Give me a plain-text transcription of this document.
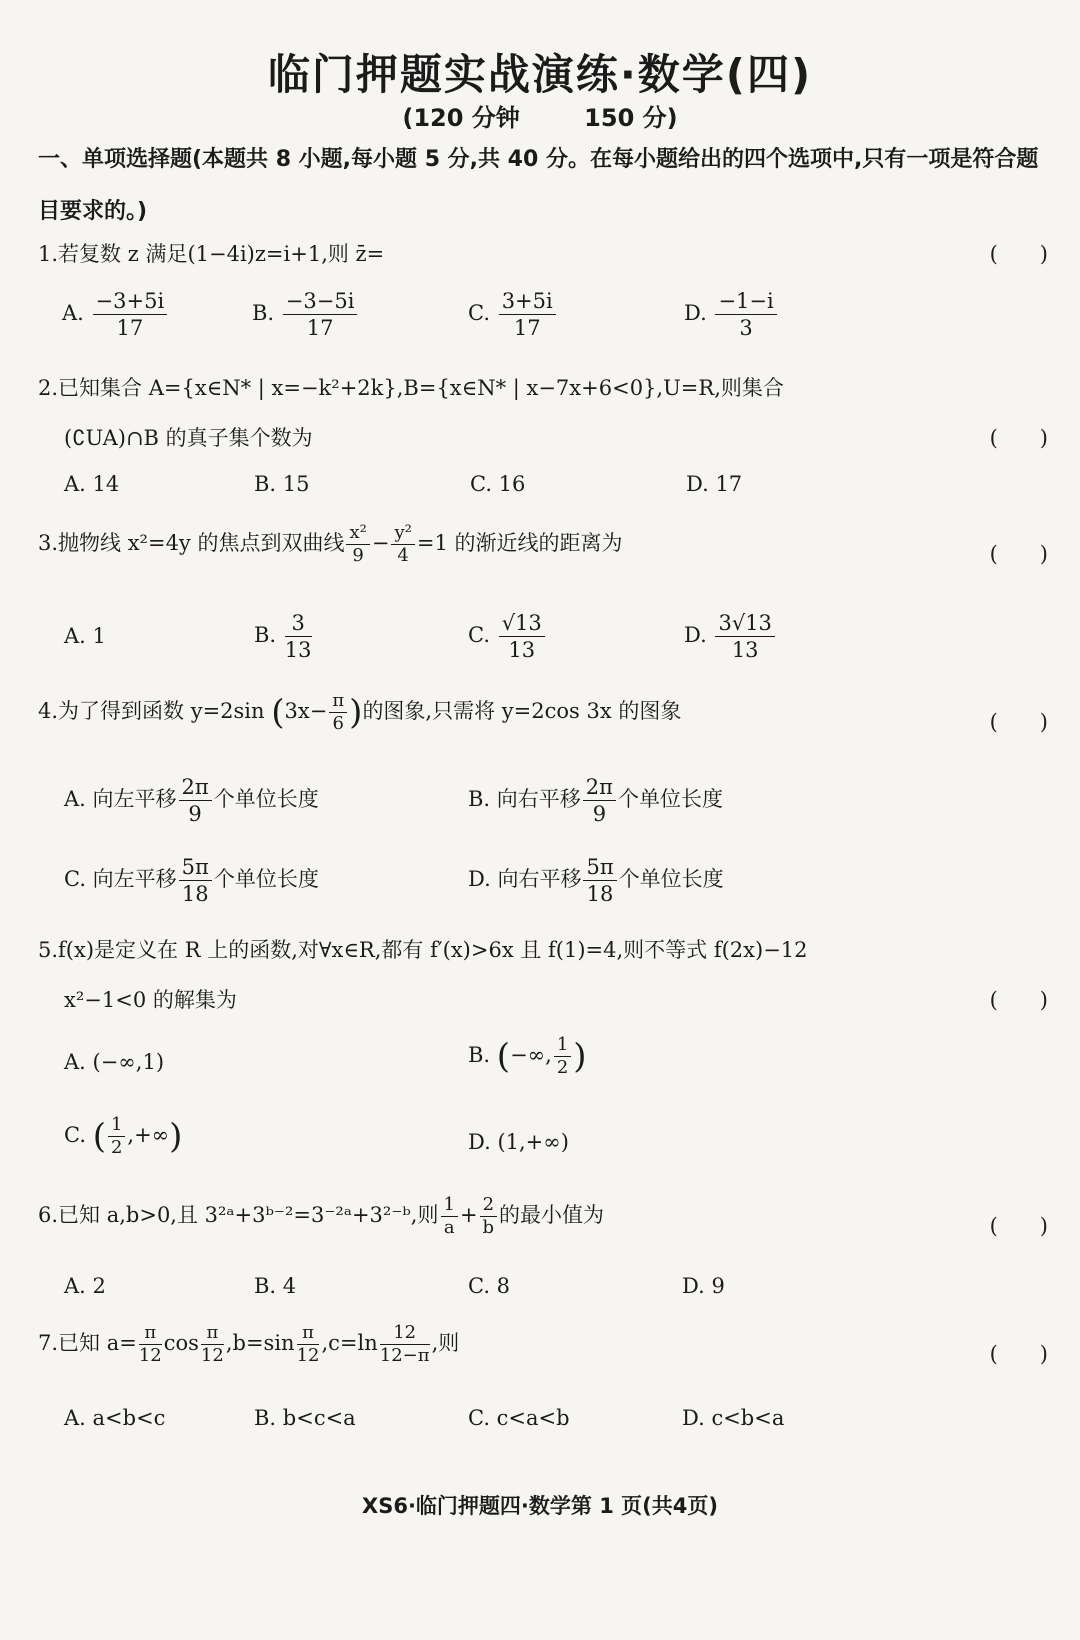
临门押题实战演练·数学(四)
(120 分钟	150 分)
一、单项选择题(本题共 8 小题,每小题 5 分,共 40 分。在每小题给出的四个选项中,只有一项是符合题目要求的。)
1.若复数 z 满足(1−4i)z=i+1,则 z̄=	(　　)
A. $\frac{-3+5i}{17}$	B. $\frac{-3-5i}{17}$	C. $\frac{3+5i}{17}$	D. $\frac{-1-i}{3}$
2.已知集合 A={x∈N* | x=−k²+2k},B={x∈N* | x−7x+6<0},U=R,则集合
(∁UA)∩B 的真子集个数为	(　　)
A. 14	B. 15	C. 16	D. 17
3.抛物线 x²=4y 的焦点到双曲线 $\frac{\text{x²}}{9} - \frac{\text{y²}}{4} =1$ 的渐近线的距离为	(　　)
A. 1	B. $\frac{3}{13}$	C. $\frac{√13}{13}$	D. $\frac{3√13}{13}$
4.为了得到函数 y=2sin ($3x- \frac{\pi}{6}$ )的图象,只需将 y=2cos 3x 的图象	(　　)
A. 向左平移 $\frac{2\pi}{9}$ 个单位长度	B. 向右平移 $\frac{2\pi}{9}$ 个单位长度
C. 向左平移 $\frac{5\pi}{18}$ 个单位长度	D. 向右平移 $\frac{5\pi}{18}$ 个单位长度
5.f(x)是定义在 R 上的函数,对∀x∈R,都有 f′(x)>6x 且 f(1)=4,则不等式 f(2x)−12
x²−1<0 的解集为	(　　)
A. (−∞,1)	B. (−∞, $\frac{1}{2}$ )
C. ( $\frac{1}{2}$ ,+∞)	D. (1,+∞)
6.已知 a,b>0,且 3²ᵃ+3ᵇ⁻²=3⁻²ᵃ+3²⁻ᵇ,则 $\frac{1}{a} + \frac{2}{b}$ 的最小值为	(　　)
A. 2	B. 4	C. 8	D. 9
7.已知 $a= \frac{\pi}{12}$ $\cos \frac{\pi}{12} ,b=\sin \frac{\pi}{12} ,c=\ln \frac{12}{12-\pi}$ ,则	(　　)
A. a<b<c	B. b<c<a	C. c<a<b	D. c<b<a
XS6·临门押题四·数学第 1 页(共4页)
